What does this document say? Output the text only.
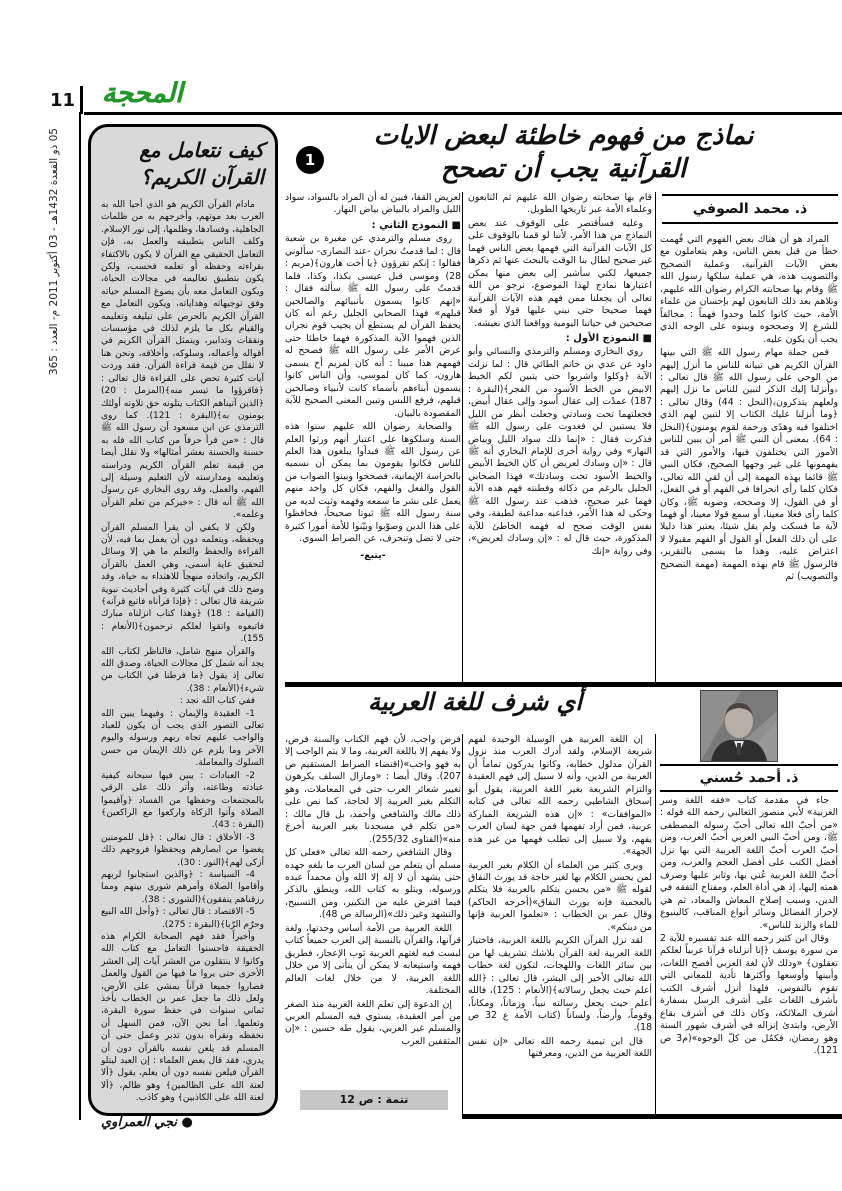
11 المحجة
05 ذو القعدة 1432هـ - 03 أكتوبر 2011 م- العدد : 365
كيف نتعامل مع القرآن الكريم؟

مادام القرآن الكريم هو الذي أحيا الله به العرب بعد موتهم، وأخرجهم به من ظلمات الجاهلية، وفسادها، وظلمها، إلى نور الإسلام. وكلف الناس بتطبيقه والعمل به، فإن التعامل الحقيقي مع القرآن لا يكون بالاكتفاء بقراءته وحفظه أو تعلمه فحسب، ولكن يكون بتطبيق تعاليمه في مجالات الحياة، ويكون التعامل معه بأن يصوغ المسلم حياته وفق توجيهاته وهداياته، ويكون التعامل مع القرآن الكريم بالحرص على تبليغه وتعليمه والقيام بكل ما يلزم لذلك في مؤسسات ونفقات وتدابير، ويتمثل القرآن الكريم في أقواله وأعماله، وسلوكه، وأخلاقه، ونحن هنا لا نقلل من قيمة قراءة القرآن. فقد وردت آيات كثيرة تحض على القراءة قال تعالى : ﴿فاقرؤوا ما تيسر منه﴾(المزمل : 20) ﴿الذين آتيناهم الكتاب يتلونه حق تلاوته أولئك يومنون به﴾(البقرة : 121). كما روى الترمذي عن ابن مسعود أن رسول الله ﷺ قال : «من قرأ حرفاً من كتاب الله فله به حسنة والحسنة بعشر أمثالها» ولا نقلل أيضا من قيمة تعلم القرآن الكريم ودراسته وتعليمه ومدارسته لأن التعليم وسيلة إلى الفهم، والعمل، وقد روى البخاري عن رسول الله ﷺ أنه قال : «خيركم من تعلم القرآن وعلمه».

ولكن لا يكفي أن يقرأ المسلم القرآن ويحفظه، ويتعلمه دون أن يعمل بما فيه، لأن القراءة والحفظ والتعلم ما هي إلا وسائل لتحقيق غاية أسمى، وهي العمل بالقرآن الكريم، واتخاذه منهجاً للاهتداء به حياة، وقد وضح ذلك في آيات كثيرة وفي أحاديث نبوية شريفة قال تعالى : ﴿فإذا قرأناه فاتبع قرآنه﴾(القيامة : 18) ﴿وهذا كتاب انزلناه مبارك فاتبعوه واتقوا لعلكم ترحمون﴾(الأنعام : 155).

والقرآن منهج شامل، فالناظر لكتاب الله يجد أنه شمل كل مجالات الحياة، وصدق الله تعالى إذ يقول ﴿ما فرطنا في الكتاب من شيء﴾(الأنعام : 38).

ففي كتاب الله نجد :

1- العقيدة والإيمان : وفيهما يبين الله تعالى التصور الذي يجب أن يكون للعباد والواجب عليهم تجاه ربهم ورسوله واليوم الآخر وما يلزم عن ذلك الإيمان من حسن السلوك والمعاملة.

2- العبادات : يبين فيها سبحانه كيفية عبادته وطاعته، وأثر ذلك على الرقي بالمجتمعات وحفظها من الفساد ﴿وآقيموا الصلاة وآتوا الزكاة واركعوا مع الراكعين﴾(البقرة : 43).

3- الأخلاق : قال تعالى : ﴿قل للمومنين يغضوا من ابصارهم ويحفظوا فروجهم ذلك أزكى لهم﴾(النور : 30).

4- السياسة : ﴿والذين استجابوا لربهم وأقاموا الصلاة وأمرهم شورى بينهم ومما رزقناهم ينفقون﴾(الشورى : 38).

5- الاقتصاد : قال تعالى : ﴿وأحل الله البيع وحرّم الرّبا﴾(البقرة : 275).

وأخيراً فقد فهم الصحابة الكرام هذه الحقيقة فاحسنوا التعامل مع كتاب الله وكانوا لا ينتقلون من العشر آيات إلى العشر الأخرى حتى يروا ما فيها من القول والعمل فصاروا جميعا قرآناً يمشي على الأرض، ولعل ذلك ما جعل عمر بن الخطاب يأخذ ثماني سنوات في حفظ سورة البقرة، وتعلمها. أما نحن الآن، فمن السهل أن نحفظه ونقرأه بدون تدبر وعمل حتى أن المسلم قد يلعن نفسه بالقرآن دون أن يدري، فقد قال بعض العلماء : إن العبد ليتلو القرآن فيلعن نفسه دون أن يعلم، يقول ﴿ألا لعنة الله على الظالمين﴾ وهو ظالم، ﴿ألا لعنة الله على الكاذبين﴾ وهو كاذب.

● نجي العمراوي
نماذج من فهوم خاطئة لبعض الايات
القرآنية يجب أن تصحح
1
ذ. محمد الصوفي

المراد هو أن هناك بعض الفهوم التي فُهمت خطأ من قبل بعض الناس، وهم يتعاملون مع بعض الآيات القرآنية، وعملية التصحيح والتصويب هذه، هي عملية سلكها رسول الله ﷺ وقام بها صحابته الكرام رضوان الله عليهم، وتلاهم بعد ذلك التابعون لهم بإحسان من علماء الأمة، حيث كانوا كلما وجدوا فهماً : مخالفاً للشرع إلا وصححوه وبينوه على الوجه الذي يجب أن يكون عليه.

فمن جملة مهام رسول الله ﷺ التي بينها القرآن الكريم هي تبيانه للناس ما أنزل إليهم من الوحي على رسول الله ﷺ قال تعالى : ﴿وأنزلنا إليك الذكر لتبين للناس ما نزل إليهم ولعلهم يتذكرون﴾(النحل : 44) وقال تعالى : ﴿وما أنزلنا عليك الكتاب إلا لتبين لهم الذي اختلفوا فيه وهدًى ورحمة لقوم يومنون﴾(النحل : 64). بمعنى أن النبي ﷺ أمر أن يبين للناس الأمور التي يختلفون فيها، والأمور التي قد يفهمونها على غير وجهها الصحيح، فكان النبي ﷺ قائما بهذه المهمة إلى أن لقي الله تعالى، فكان كلما رأى انحرافا في الفهم أو في الفعل، أو في القول، إلا وصححه، وصوبه ﷺ، وكان كلما رأى فعلا معينا، أو سمع قولا معينا، أو فهما لآية ما فسكت ولم يقل شيئا، يعتبر هذا دليلا على أن ذلك الفعل أو القول أو الفهم مقبولا لا اعتراض عليه، وهذا ما يسمى بالتقرير، فالرسول ﷺ قام بهذه المهمة (مهمة التصحيح والتصويب) ثم

قام بها صحابته رضوان الله عليهم ثم التابعون وعلماء الأمة عبر تاريخها الطويل.

وعليه فسأقتصر على الوقوف عند بعض النماذج من هذا الأمر، لأننا لو قمنا بالوقوف على كل الآيات القرآنية التي فهمها بعض الناس فهما غير صحيح لطال بنا الوقت بالبحث عنها ثم ذكرها جميعها، لكني سأشير إلى بعض منها يمكن اعتبارها نماذج لهذا الموضوع، نرجو من الله تعالى أن يجعلنا ممن فهم هذه الآيات القرآنية فهما صحيحا حتى نبني عليها قولا أو فعلا صحيحين في حياتنا اليومية وواقعنا الذي نعيشه.

■ النموذج الأول :

روي البخاري ومسلم والترمذي والنسائي وأبو داود عن عدي بن حاتم الطائي قال : لما نزلت الآية ﴿وكلوا واشربوا حتى يتبين لكم الخيط الابيض من الخط الأسود من الفجر﴾(البقرة : 187) عمدْت إلى عقال أسود وإلى عقال أبيض، فجعلتهما تحت وسادتي وجعلت أنظر من الليل فلا يستبين لي فغدوت على رسول الله ﷺ فذكرت فقال : «إنما ذلك سواد الليل وبياض النهار» وفي رواية أخرى للإمام البخاري أنه ﷺ قال : «إن وسادك لعريض أن كان الخيط الأبيض والخيط الأسود تحت وسادتك» فهذا الصحابي الجليل بالرغم من ذكائه وفطنته فهم هذه الآية فهما غير صحيح، فذهب عند رسول الله ﷺ وحكى له هذا الأمر، فداعبه مداعبة لطيفة، وفي نفس الوقت صحح له فهمه الخاطئ للآية المذكورة، حيث قال له : «إن وسادك لعريض»، وفي رواية «إنك

لعريض القفا، فبين له أن المراد بالسواد، سواد الليل والمراد بالبياض بياض النهار.

■ النموذج الثاني :

روى مسلم والترمذي عن مغيرة بن شعبة قال : لما قدمتُ نجران -عند النصارى- سألوني فقالوا : إنكم تقرؤون ﴿يا أخت هارون﴾(مريم : 28) وموسى قبل عيسى بكذا، وكذا، فلما قدمتُ على رسول الله ﷺ سألته فقال : «إنهم كانوا يسمون بأنبيائهم والصالحين قبلهم» فهذا الصحابي الجليل رغم أنه كان يحفظ القرآن لم يستطع أن يجيب قوم نجران الذين فهموا الآية المذكورة فهما خاطئا حتى عرض الأمر على رسول الله ﷺ فصحح له فهمهم هذا مبينا : أنه كان لمريم أخ يسمى هارون، كما كان لموسى، وأن الناس كانوا يسمون أبناءهم بأسماء كانت لأنبياء وصالحين قبلهم، فرفع اللبس وتبين المعنى الصحيح للآية المقصودة بالبيان.

والصحابة رضوان الله عليهم سنوا هذه السنة وسلكوها على اعتبار أنهم ورثوا العلم عن رسول الله ﷺ فبدأوا يبلغون هذا العلم للناس فكانوا يقومون بما يمكن أن نسميه بالحراسة الإيمانية، فصححوا وبينوا الصواب من القول والفعل والفهم، فكان كل واحد منهم يعمل على نشر ما سمعه وفهمه وثبت لديه من سنة رسول الله ﷺ ثبوتا صحيحاً، فحافظوا على هذا الدين وصوّبوا وبيّنوا للأمة أمورا كثيرة حتى لا تضل وتنحرف، عن الصراط السوي.

-يتبع-

أي شرف للغة العربية
ذ. أحمد حُسني

جاء في مقدمة كتاب «فقه اللغة وسر العربية» لأبي منصور الثعالبي رحمه الله قوله : «من أحبّ الله تعالى أحبّ رسوله المصطفى ﷺ، ومن أحبّ النبي العربي أحبّ العرب، ومن أحبّ العرب أحبّ اللغة العربية التي بها نزل أفضل الكتب على أفضل العجم والعرب، ومن أحبّ اللغة العربية عُني بها، وثابر عليها وصرف همته إليها، إذ هي أداة العلم، ومفتاح التفقه في الدين، وسبب إصلاح المعاش والمعاد، ثم هي لإحراز الفضائل وسائر أنواع المناقب، كالينبوع للماء والزند للناس».

وقال ابن كثير رحمه الله عند تفسيره للآية 2 من سورة يوسف ﴿إنا أنزلناه قرآنا عربياً لعلكم تعقلون﴾ «وذلك لأن لغة العربي أفصح اللغات، وأبينها وأوسعها وأكثرها تأدية للمعاني التي تقوم بالنفوس، فلهذا أنزل أشرف الكتب بأشرف اللغات على أشرف الرسل بسفارة أشرف الملائكة، وكان ذلك في أشرف بقاع الأرض، وابتدئ إنزاله في أشرف شهور السنة وهو رمضان، فكمُل من كلّ الوجوه»(م3 ص 121).

إن اللغة العربية هي الوسيلة الوحيدة لفهم شريعة الإسلام، ولقد أدرك العرب منذ نزول القرآن مدلول خطابه، وكانوا يدركون تماماً أن العربية من الدين، وأنه لا سبيل إلى فهم العقيدة والتزام الشريعة بغير اللغة العربية، يقول أبو إسحاق الشاطبي رحمه الله تعالى في كتابه «الموافقات» : «إن هذه الشريعة المباركة عربية، فمن أراد تفهمها فمن جهة لسان العرب يفهم، ولا سبيل إلى تطلب فهمها من غير هذه الجهة».

ويرى كثير من العلماء أن الكلام بغير العربية لمن يحسن الكلام بها لغير حاجة قد يورث النفاق لقوله ﷺ «من يحسن يتكلم بالعربية فلا يتكلم بالعجمية فإنه يورث النفاق»(أخرجه الحاكم) وقال عمر بن الخطاب : «تعلموا العربية فإنها من دينكم».

لقد نزل القرآن الكريم باللغة العربية، فاختيار اللغة العربية لغة القرآن بلاشك تشريف لها من بين سائر اللغات واللهجات، لتكون لغة خطاب الله تعالى الأخير إلى البشر، قال تعالى : ﴿الله أعلم حيث يجعل رسالاته﴾(الأنعام : 125)، فالله أعلم حيث يجعل رسالته نبياً، وزماناً، ومكاناً، وقوماً، وأرضاً، ولساناً (كتاب الأمة ع 32 ص 18).

قال ابن تيمية رحمه الله تعالى «إن نفس اللغة العربية من الدين، ومعرفتها

فرض واجب، لأن فهم الكتاب والسنة فرض، ولا يفهم إلا باللغة العربية، وما لا يتم الواجب إلا به فهو واجب»(اقتضاء الصراط المستقيم ص 207). وقال أيضا : «ومازال السلف يكرهون تغيير شعائر العرب حتى في المعاملات، وهو التكلم بغير العربية إلا لحاجة، كما نص على ذلك مالك والشافعي وأحمد، بل قال مالك : «من تكلم في مسجدنا بغير العربية أخرجَ منه»(الفتاوى 255/32).

وقال الشافعي رحمه الله تعالى «فعلى كل مسلم أن يتعلم من لسان العرب ما بلغه جهده حتى يشهد أن لا إله إلا الله وأن محمداً عبده ورسوله، ويتلو به كتاب الله، وينطق بالذكر فيما افترض عليه من التكبير، ومن التسبيح، والتشهد وغير ذلك»(الرسالة ص 48).

اللغة العربية من الأمة أساس وحدتها، ولغة قرآنها، والقرآن بالنسبة إلى العرب جميعاً كتاب لبست فيه لغتهم العربية ثوب الإعجاز، فطريق فهمه واستيعابه لا يمكن أن يتأتى إلا من خلال اللغة العربية، لا من خلال لغات العالم المختلفة.

إن الدعوة إلى تعلم اللغة العربية منذ الصغر من أمر العقيدة، يستوي فيه المسلم العربي والمسلم غير العربي، يقول طه حسين : «إن المثقفين العرب

تتمة : ص 12
